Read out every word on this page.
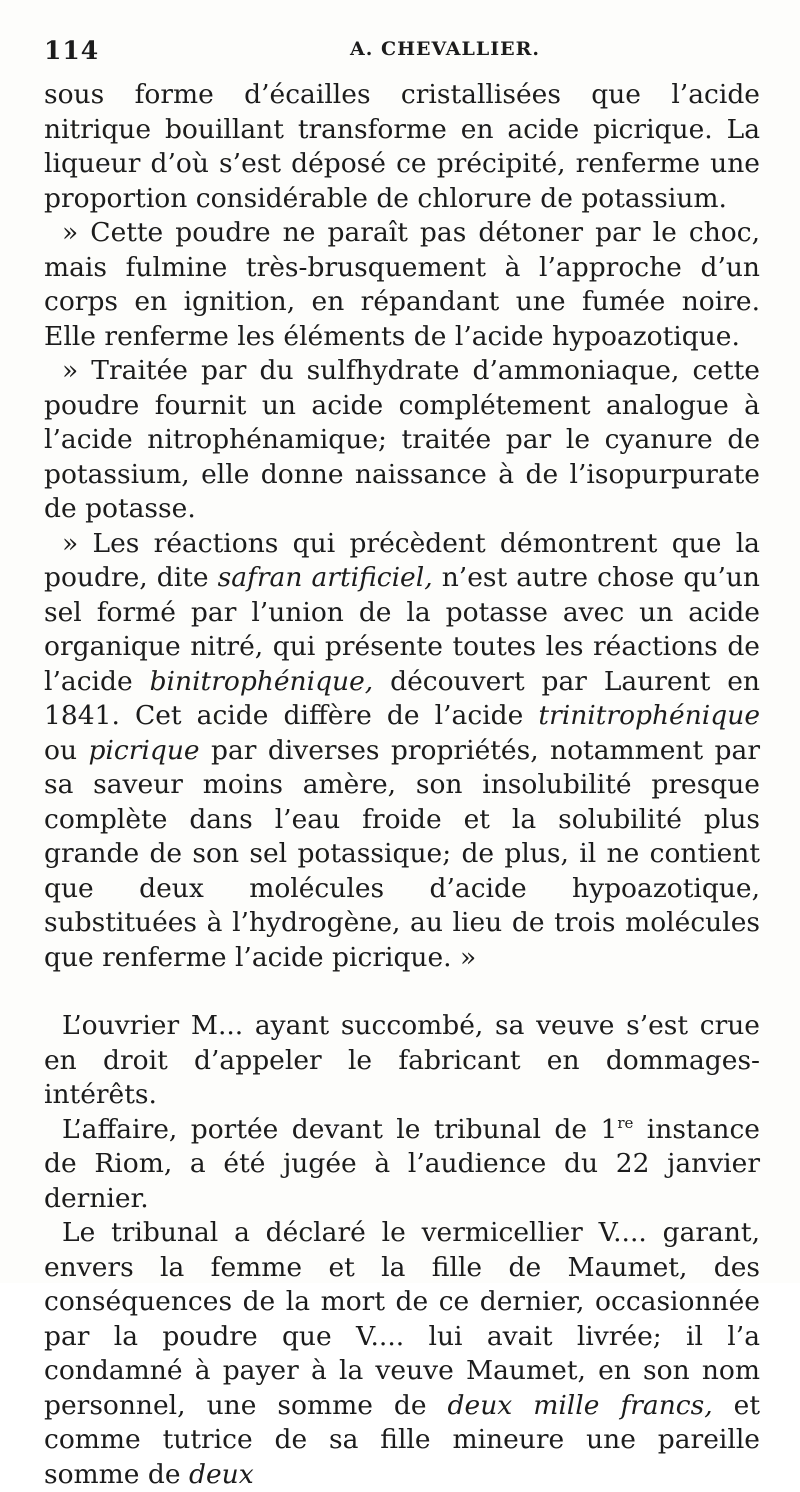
114	A. CHEVALLIER.

sous forme d’écailles cristallisées que l’acide nitrique bouillant transforme en acide picrique. La liqueur d’où s’est déposé ce précipité, renferme une proportion considérable de chlorure de potassium.

» Cette poudre ne paraît pas détoner par le choc, mais fulmine très-brusquement à l’approche d’un corps en ignition, en répandant une fumée noire. Elle renferme les éléments de l’acide hypoazotique.

» Traitée par du sulfhydrate d’ammoniaque, cette poudre fournit un acide complétement analogue à l’acide nitrophénamique; traitée par le cyanure de potassium, elle donne naissance à de l’isopurpurate de potasse.

» Les réactions qui précèdent démontrent que la poudre, dite safran artificiel, n’est autre chose qu’un sel formé par l’union de la potasse avec un acide organique nitré, qui présente toutes les réactions de l’acide binitrophénique, découvert par Laurent en 1841. Cet acide diffère de l’acide trinitrophénique ou picrique par diverses propriétés, notamment par sa saveur moins amère, son insolubilité presque complète dans l’eau froide et la solubilité plus grande de son sel potassique; de plus, il ne contient que deux molécules d’acide hypoazotique, substituées à l’hydrogène, au lieu de trois molécules que renferme l’acide picrique. »

L’ouvrier M... ayant succombé, sa veuve s’est crue en droit d’appeler le fabricant en dommages-intérêts.

L’affaire, portée devant le tribunal de 1re instance de Riom, a été jugée à l’audience du 22 janvier dernier.

Le tribunal a déclaré le vermicellier V.... garant, envers la femme et la fille de Maumet, des conséquences de la mort de ce dernier, occasionnée par la poudre que V.... lui avait livrée; il l’a condamné à payer à la veuve Maumet, en son nom personnel, une somme de deux mille francs, et comme tutrice de sa fille mineure une pareille somme de deux
